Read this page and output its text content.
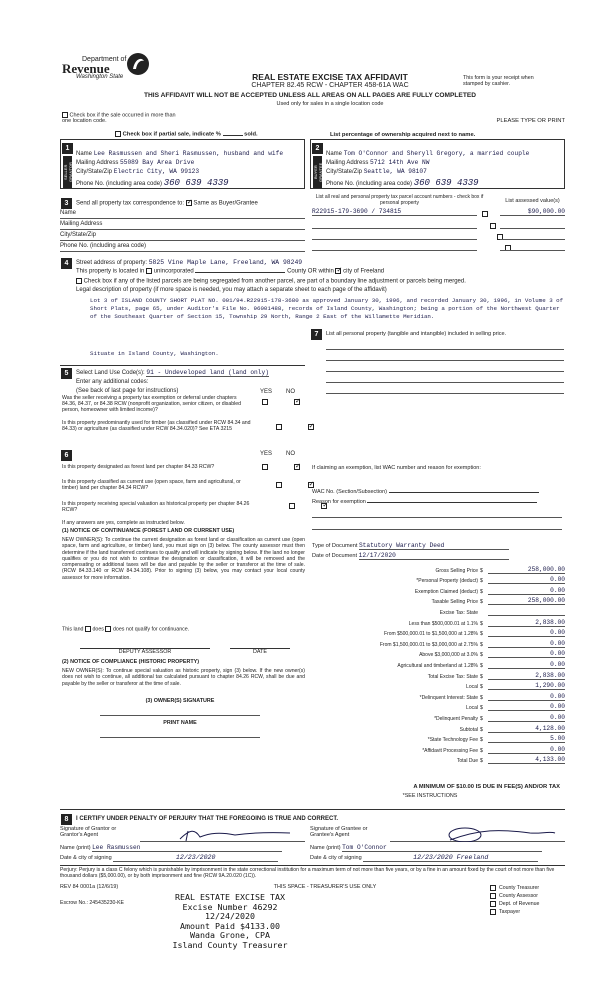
Department of
Revenue
Washington State	REAL ESTATE EXCISE TAX AFFIDAVIT
CHAPTER 82.45 RCW - CHAPTER 458-61A WAC
THIS AFFIDAVIT WILL NOT BE ACCEPTED UNLESS ALL AREAS ON ALL PAGES ARE FULLY COMPLETED
Used only for sales in a single location code
This form is your receipt when stamped by cashier.
PLEASE TYPE OR PRINT
Check box if the sale occurred in more than one location code.
Check box if partial sale, indicate %	sold.	List percentage of ownership acquired next to name.
1
SELLER GRANTOR
Name Lee Rasmussen and Sheri Rasmussen, husband and wife
Mailing Address 55089 Bay Area Drive
City/State/Zip Electric City, WA 99123
Phone No. (including area code) 360 639 4339
2
BUYER GRANTEE
Name Tom O'Connor and Sheryll Gregory, a married couple
Mailing Address 5712 14th Ave NW
City/State/Zip Seattle, WA 98107
Phone No. (including area code) 360 639 4339
3	Send all property tax correspondence to: ✓ Same as Buyer/Grantee
Name
Mailing Address
City/State/Zip
Phone No. (including area code)
List all real and personal property tax parcel account numbers - check box if personal property	List assessed value(s)
R22915-179-3690 / 734815
	$90,000.00

4	Street address of property: 5825 Vine Maple Lane, Freeland, WA 98249
This property is located in unincorporated	County OR within ✓ city of Freeland
Check box if any of the listed parcels are being segregated from another parcel, are part of a boundary line adjustment or parcels being merged.
Legal description of property (if more space is needed, you may attach a separate sheet to each page of the affidavit)
Lot 3 of ISLAND COUNTY SHORT PLAT NO. 001/94.R22915-178-3680 as approved January 30, 1996, and recorded January 30, 1996, in Volume 3 of Short Plats, page 65, under Auditor's File No. 96001488, records of Island County, Washington; being a portion of the Northwest Quarter of the Southeast Quarter of Section 15, Township 29 North, Range 2 East of the Willamette Meridian.
Situate in Island County, Washington.
5	Select Land Use Code(s): 91 - Undeveloped land (land only)
Enter any additional codes:
(See back of last page for instructions)	YES NO
Was the seller receiving a property tax exemption or deferral under chapters 84.36, 84.37, or 84.38 RCW (nonprofit organization, senior citizen, or disabled person, homeowner with limited income)?
✓
Is this property predominantly used for timber (as classified under RCW 84.34 and 84.33) or agriculture (as classified under RCW 84.34.020)? See ETA 3215
✓
6	YES NO
Is this property designated as forest land per chapter 84.33 RCW?
✓
Is this property classified as current use (open space, farm and agricultural, or timber) land per chapter 84.34 RCW?
✓
Is this property receiving special valuation as historical property per chapter 84.26 RCW?
✓
If any answers are yes, complete as instructed below.
(1) NOTICE OF CONTINUANCE (FOREST LAND OR CURRENT USE)
NEW OWNER(S): To continue the current designation as forest land or classification as current use (open space, farm and agriculture, or timber) land, you must sign on (3) below. The county assessor must then determine if the land transferred continues to qualify and will indicate by signing below. If the land no longer qualifies or you do not wish to continue the designation or classification, it will be removed and the compensating or additional taxes will be due and payable by the seller or transferor at the time of sale. (RCW 84.33.140 or RCW 84.34.108). Prior to signing (3) below, you may contact your local county assessor for more information.
This land does does not qualify for continuance.
DEPUTY ASSESSOR	DATE
(2) NOTICE OF COMPLIANCE (HISTORIC PROPERTY)
NEW OWNER(S): To continue special valuation as historic property, sign (3) below. If the new owner(s) does not wish to continue, all additional tax calculated pursuant to chapter 84.26 RCW, shall be due and payable by the seller or transferor at the time of sale.
(3) OWNER(S) SIGNATURE
PRINT NAME
7	List all personal property (tangible and intangible) included in selling price.
If claiming an exemption, list WAC number and reason for exemption:
WAC No. (Section/Subsection)
Reason for exemption
Type of Document Statutory Warranty Deed
Date of Document 12/17/2020
Gross Selling Price $	258,000.00
*Personal Property (deduct) $	0.00
Exemption Claimed (deduct) $	0.00
Taxable Selling Price $	258,000.00
Excise Tax: State
Less than $500,000.01 at 1.1% $	2,838.00
From $500,000.01 to $1,500,000 at 1.28% $	0.00
From $1,500,000.01 to $3,000,000 at 2.75% $	0.00
Above $3,000,000 at 3.0% $	0.00
Agricultural and timberland at 1.28% $	0.00
Total Excise Tax: State $	2,838.00
Local $	1,290.00
*Delinquent Interest: State $	0.00
Local $	0.00
*Delinquent Penalty $	0.00
Subtotal $	4,128.00
*State Technology Fee $	5.00
*Affidavit Processing Fee $	0.00
Total Due $	4,133.00
A MINIMUM OF $10.00 IS DUE IN FEE(S) AND/OR TAX
*SEE INSTRUCTIONS
8	I CERTIFY UNDER PENALTY OF PERJURY THAT THE FOREGOING IS TRUE AND CORRECT.
Signature of Grantor or Grantor's Agent
Signature of Grantee or Grantee's Agent
Name (print) Lee Rasmussen	Name (print) Tom O'Connor
Date & city of signing	12/23/2020	Date & city of signing	12/23/2020 Freeland
Perjury: Perjury is a class C felony which is punishable by imprisonment in the state correctional institution for a maximum term of not more than five years, or by a fine in an amount fixed by the court of not more than five thousand dollars ($5,000.00), or by both imprisonment and fine (RCW 9A.20.020 (1C)).
REV 84 0001a (12/6/19)	THIS SPACE - TREASURER'S USE ONLY	County Treasurer
County Assessor
Dept. of Revenue
Taxpayer
Escrow No.: 245435230-KE
REAL ESTATE EXCISE TAX
Excise Number 46292
12/24/2020
Amount Paid $4133.00
Wanda Grone, CPA
Island County Treasurer
